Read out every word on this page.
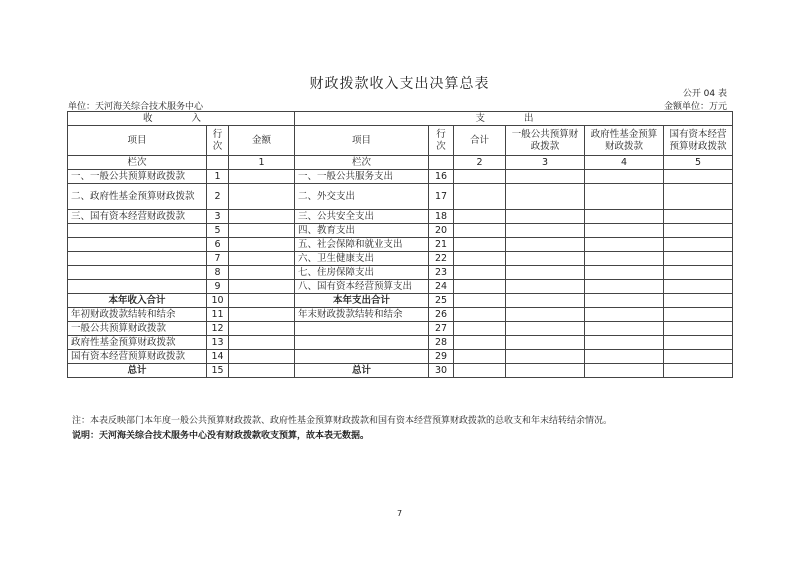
财政拨款收入支出决算总表
公开 04 表
单位：天河海关综合技术服务中心	金额单位：万元
收 入			支 出					
项目	行次	金额	项目	行次	合计	一般公共预算财政拨款	政府性基金预算财政拨款	国有资本经营预算财政拨款
栏次		1	栏次		2	3	4	5
一、一般公共预算财政拨款	1		一、一般公共服务支出	16				
二、政府性基金预算财政拨款	2		二、外交支出	17				
三、国有资本经营财政拨款	3		三、公共安全支出	18				
	5		四、教育支出	20				
	6		五、社会保障和就业支出	21				
	7		六、卫生健康支出	22				
	8		七、住房保障支出	23				
	9		八、国有资本经营预算支出	24				
本年收入合计	10		本年支出合计	25				
年初财政拨款结转和结余	11		年末财政拨款结转和结余	26				
一般公共预算财政拨款	12			27				
政府性基金预算财政拨款	13			28				
国有资本经营预算财政拨款	14			29				
总计	15		总计	30				
注：本表反映部门本年度一般公共预算财政拨款、政府性基金预算财政拨款和国有资本经营预算财政拨款的总收支和年末结转结余情况。
说明：天河海关综合技术服务中心没有财政拨款收支预算，故本表无数据。
7
